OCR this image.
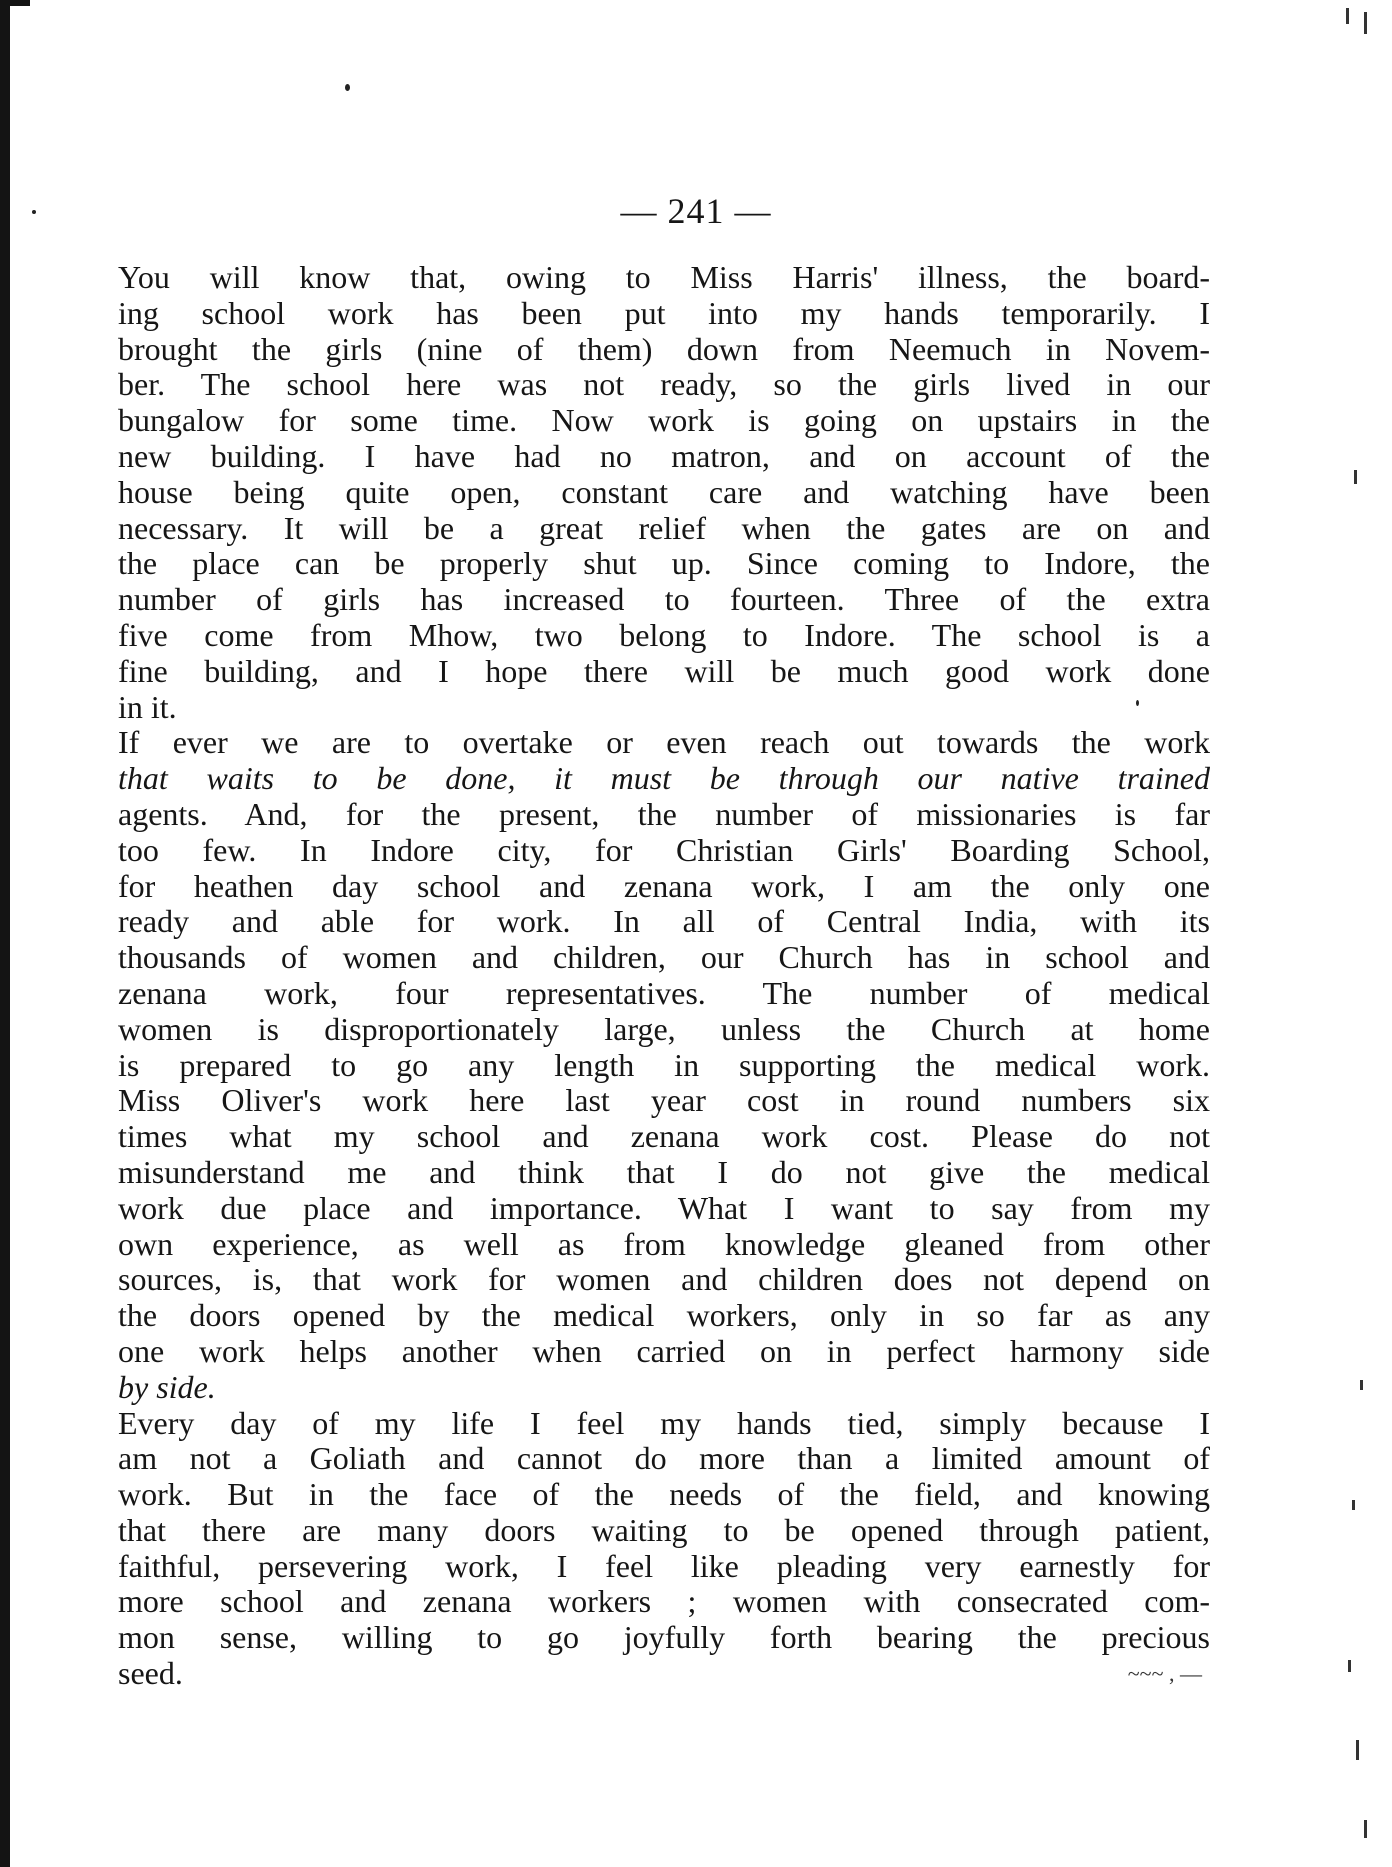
— 241 —
You will know that, owing to Miss Harris' illness, the board-
ing school work has been put into my hands temporarily. I
brought the girls (nine of them) down from Neemuch in Novem-
ber. The school here was not ready, so the girls lived in our
bungalow for some time. Now work is going on upstairs in the
new building. I have had no matron, and on account of the
house being quite open, constant care and watching have been
necessary. It will be a great relief when the gates are on and
the place can be properly shut up. Since coming to Indore, the
number of girls has increased to fourteen. Three of the extra
five come from Mhow, two belong to Indore. The school is a
fine building, and I hope there will be much good work done
in it.
If ever we are to overtake or even reach out towards the work
that waits to be done, it must be through our native trained
agents. And, for the present, the number of missionaries is far
too few. In Indore city, for Christian Girls' Boarding School,
for heathen day school and zenana work, I am the only one
ready and able for work. In all of Central India, with its
thousands of women and children, our Church has in school and
zenana work, four representatives. The number of medical
women is disproportionately large, unless the Church at home
is prepared to go any length in supporting the medical work.
Miss Oliver's work here last year cost in round numbers six
times what my school and zenana work cost. Please do not
misunderstand me and think that I do not give the medical
work due place and importance. What I want to say from my
own experience, as well as from knowledge gleaned from other
sources, is, that work for women and children does not depend on
the doors opened by the medical workers, only in so far as any
one work helps another when carried on in perfect harmony side
by side.
Every day of my life I feel my hands tied, simply because I
am not a Goliath and cannot do more than a limited amount of
work. But in the face of the needs of the field, and knowing
that there are many doors waiting to be opened through patient,
faithful, persevering work, I feel like pleading very earnestly for
more school and zenana workers ; women with consecrated com-
mon sense, willing to go joyfully forth bearing the precious
seed.	~~~ , —
